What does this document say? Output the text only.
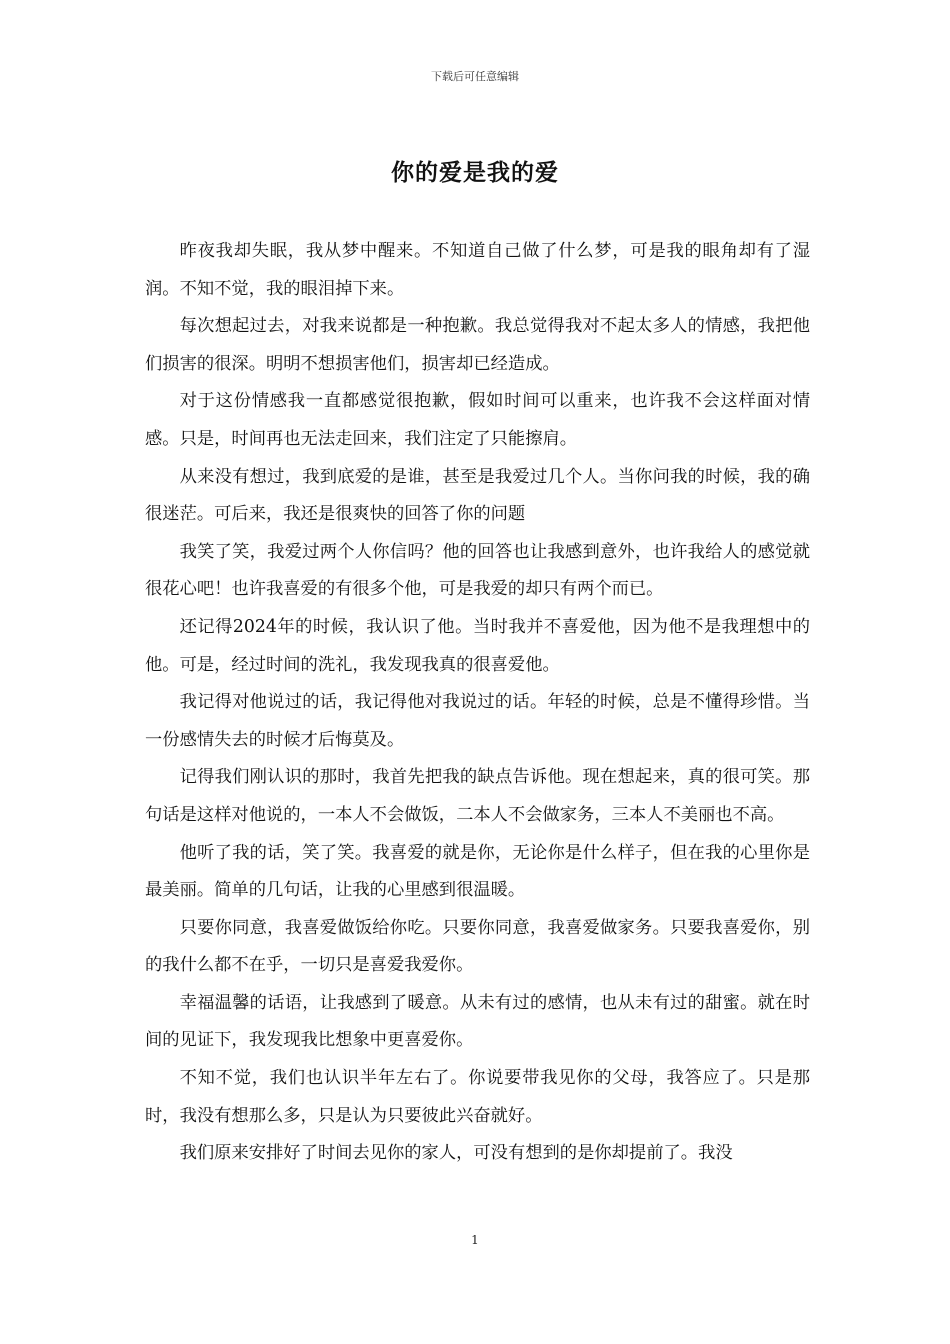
下载后可任意编辑
你的爱是我的爱

昨夜我却失眠，我从梦中醒来。不知道自己做了什么梦，可是我的眼角却有了湿润。不知不觉，我的眼泪掉下来。

每次想起过去，对我来说都是一种抱歉。我总觉得我对不起太多人的情感，我把他们损害的很深。明明不想损害他们，损害却已经造成。

对于这份情感我一直都感觉很抱歉，假如时间可以重来，也许我不会这样面对情感。只是，时间再也无法走回来，我们注定了只能擦肩。

从来没有想过，我到底爱的是谁，甚至是我爱过几个人。当你问我的时候，我的确很迷茫。可后来，我还是很爽快的回答了你的问题

我笑了笑，我爱过两个人你信吗？他的回答也让我感到意外，也许我给人的感觉就很花心吧！也许我喜爱的有很多个他，可是我爱的却只有两个而已。

还记得2024年的时候，我认识了他。当时我并不喜爱他，因为他不是我理想中的他。可是，经过时间的洗礼，我发现我真的很喜爱他。

我记得对他说过的话，我记得他对我说过的话。年轻的时候，总是不懂得珍惜。当一份感情失去的时候才后悔莫及。

记得我们刚认识的那时，我首先把我的缺点告诉他。现在想起来，真的很可笑。那句话是这样对他说的，一本人不会做饭，二本人不会做家务，三本人不美丽也不高。

他听了我的话，笑了笑。我喜爱的就是你，无论你是什么样子，但在我的心里你是最美丽。简单的几句话，让我的心里感到很温暖。

只要你同意，我喜爱做饭给你吃。只要你同意，我喜爱做家务。只要我喜爱你，别的我什么都不在乎，一切只是喜爱我爱你。

幸福温馨的话语，让我感到了暖意。从未有过的感情，也从未有过的甜蜜。就在时间的见证下，我发现我比想象中更喜爱你。

不知不觉，我们也认识半年左右了。你说要带我见你的父母，我答应了。只是那时，我没有想那么多，只是认为只要彼此兴奋就好。

我们原来安排好了时间去见你的家人，可没有想到的是你却提前了。我没

1
